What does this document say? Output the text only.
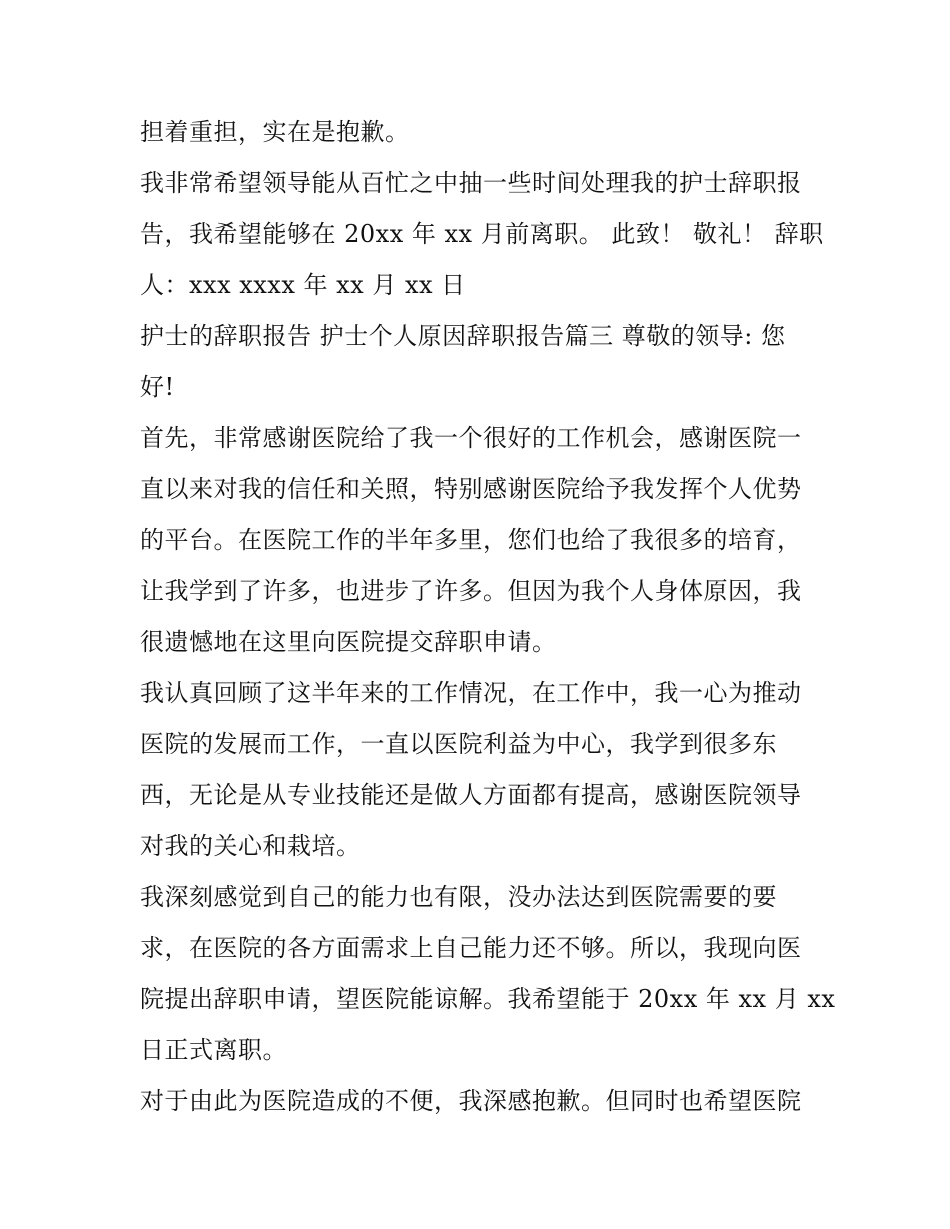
担着重担，实在是抱歉。
我非常希望领导能从百忙之中抽一些时间处理我的护士辞职报
告，我希望能够在 20xx 年 xx 月前离职。 此致！ 敬礼！ 辞职
人：xxx xxxx 年 xx 月 xx 日
护士的辞职报告 护士个人原因辞职报告篇三 尊敬的领导: 您
好!
首先，非常感谢医院给了我一个很好的工作机会，感谢医院一
直以来对我的信任和关照，特别感谢医院给予我发挥个人优势
的平台。在医院工作的半年多里，您们也给了我很多的培育，
让我学到了许多，也进步了许多。但因为我个人身体原因，我
很遗憾地在这里向医院提交辞职申请。
我认真回顾了这半年来的工作情况，在工作中，我一心为推动
医院的发展而工作，一直以医院利益为中心，我学到很多东
西，无论是从专业技能还是做人方面都有提高，感谢医院领导
对我的关心和栽培。
我深刻感觉到自己的能力也有限，没办法达到医院需要的要
求，在医院的各方面需求上自己能力还不够。所以，我现向医
院提出辞职申请，望医院能谅解。我希望能于 20xx 年 xx 月 xx
日正式离职。
对于由此为医院造成的不便，我深感抱歉。但同时也希望医院
